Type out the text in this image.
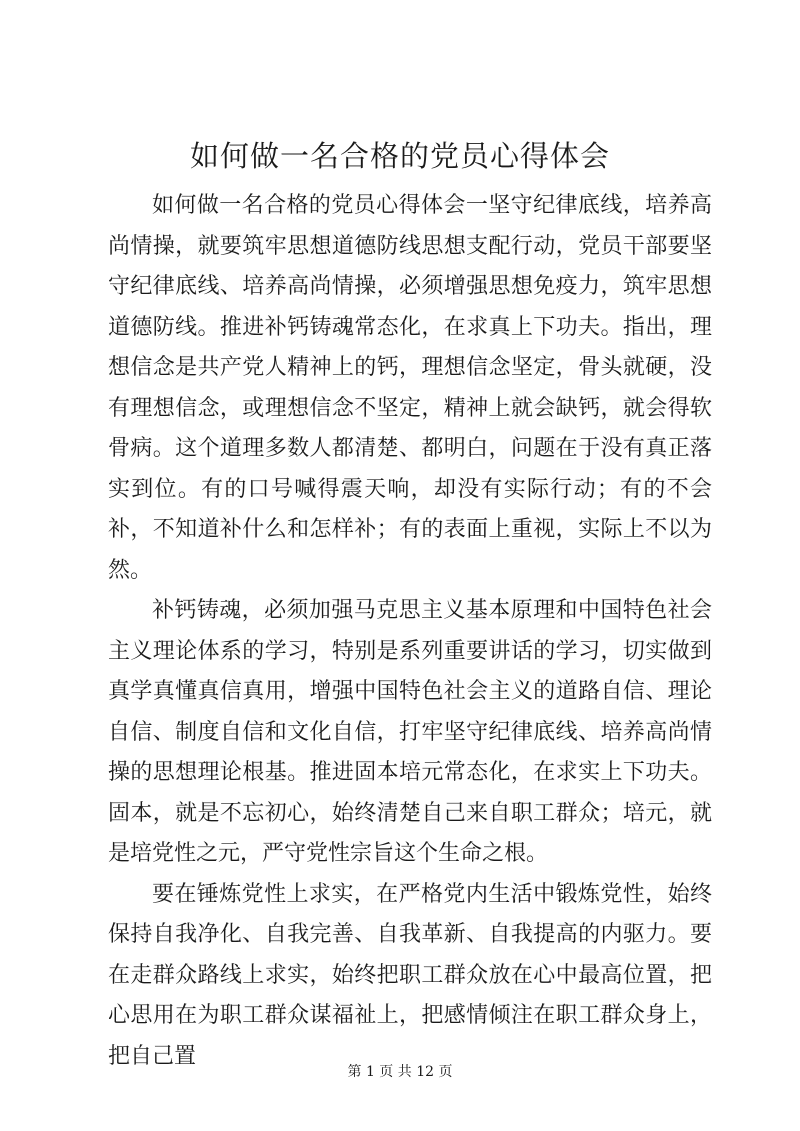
如何做一名合格的党员心得体会

如何做一名合格的党员心得体会一坚守纪律底线，培养高尚情操，就要筑牢思想道德防线思想支配行动，党员干部要坚守纪律底线、培养高尚情操，必须增强思想免疫力，筑牢思想道德防线。推进补钙铸魂常态化，在求真上下功夫。指出，理想信念是共产党人精神上的钙，理想信念坚定，骨头就硬，没有理想信念，或理想信念不坚定，精神上就会缺钙，就会得软骨病。这个道理多数人都清楚、都明白，问题在于没有真正落实到位。有的口号喊得震天响，却没有实际行动；有的不会补，不知道补什么和怎样补；有的表面上重视，实际上不以为然。

补钙铸魂，必须加强马克思主义基本原理和中国特色社会主义理论体系的学习，特别是系列重要讲话的学习，切实做到真学真懂真信真用，增强中国特色社会主义的道路自信、理论自信、制度自信和文化自信，打牢坚守纪律底线、培养高尚情操的思想理论根基。推进固本培元常态化，在求实上下功夫。固本，就是不忘初心，始终清楚自己来自职工群众；培元，就是培党性之元，严守党性宗旨这个生命之根。

要在锤炼党性上求实，在严格党内生活中锻炼党性，始终保持自我净化、自我完善、自我革新、自我提高的内驱力。要在走群众路线上求实，始终把职工群众放在心中最高位置，把心思用在为职工群众谋福祉上，把感情倾注在职工群众身上，把自己置

第 1 页 共 12 页
